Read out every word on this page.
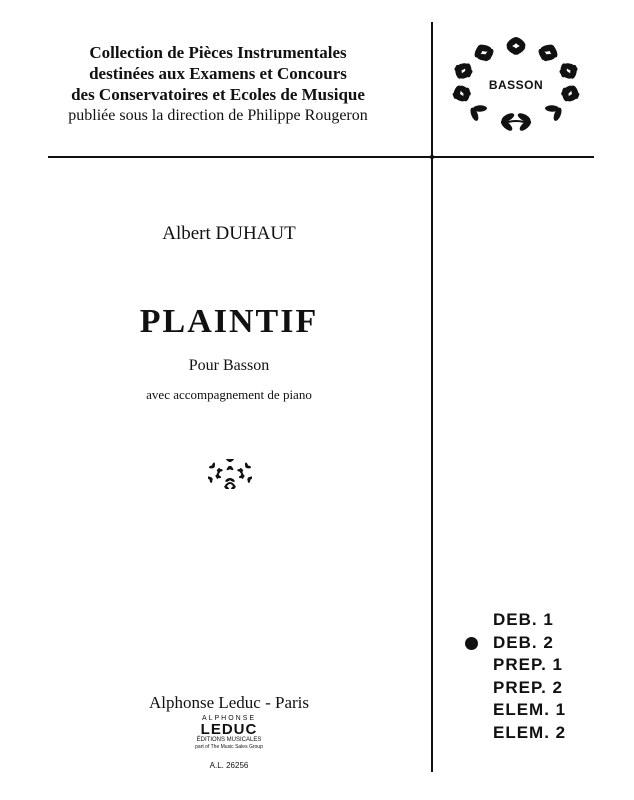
Collection de Pièces Instrumentales

destinées aux Examens et Concours

des Conservatoires et Ecoles de Musique

publiée sous la direction de Philippe Rougeron

BASSON
Albert DUHAUT
PLAINTIF
Pour Basson
avec accompagnement de piano
Alphonse Leduc - Paris
ALPHONSE
LEDUC
ÉDITIONS MUSICALES
part of The Music Sales Group
A.L. 26256
DEB. 1
DEB. 2
PREP. 1
PREP. 2
ELEM. 1
ELEM. 2
